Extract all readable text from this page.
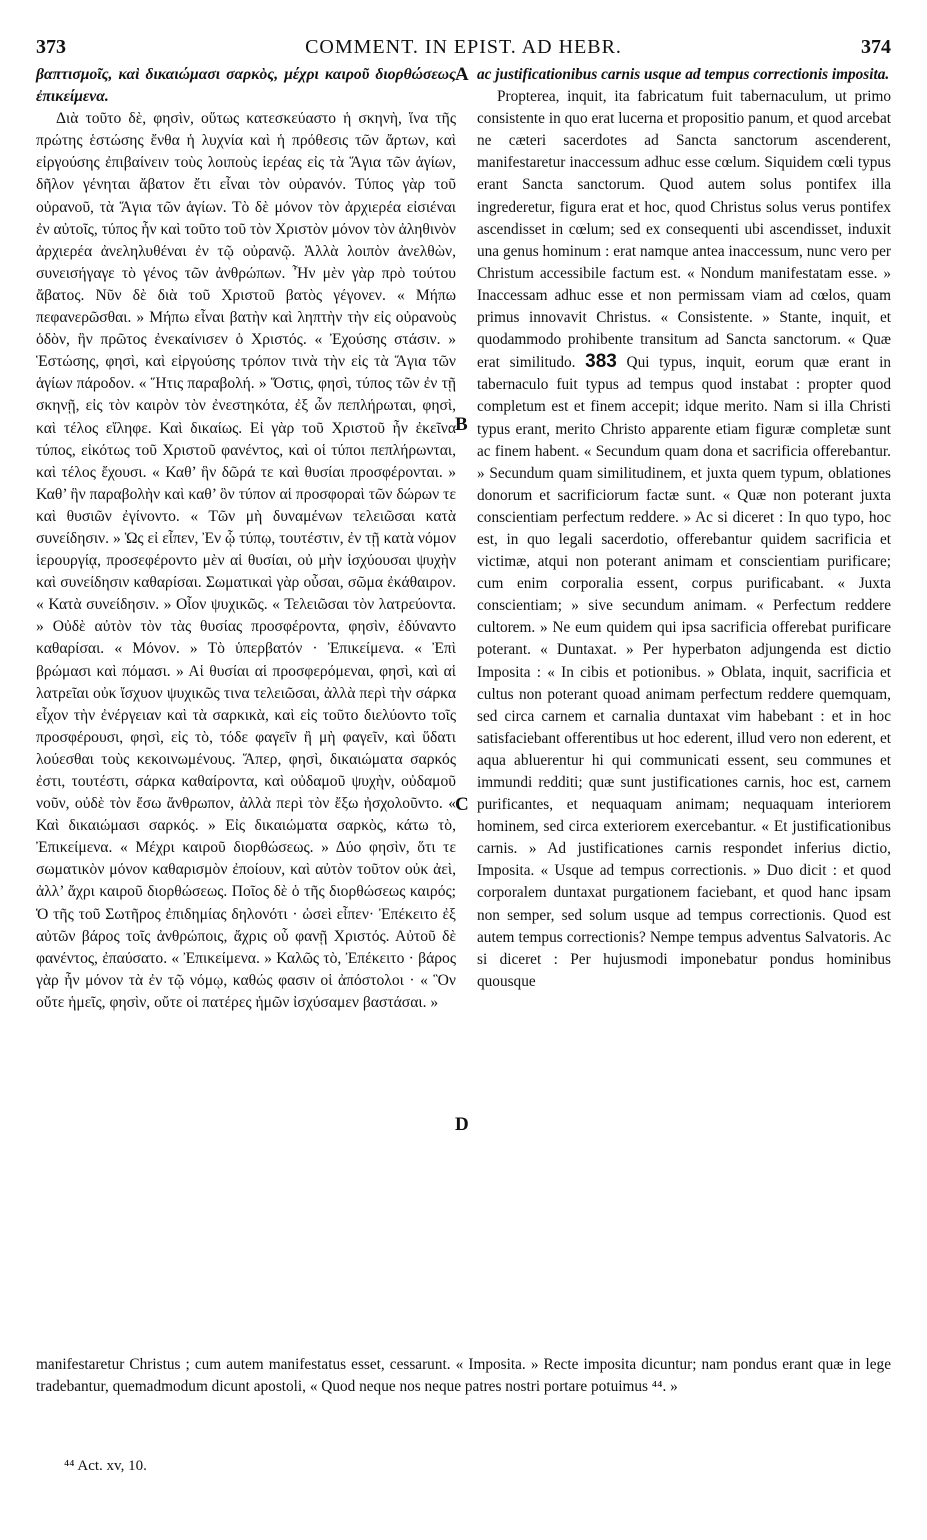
373	COMMENT. IN EPIST. AD HEBR.	374

βαπτισμοῖς, καὶ δικαιώμασι σαρκὸς, μέχρι καιροῦ διορθώσεως ἐπικείμενα.

Διὰ τοῦτο δὲ, φησὶν, οὕτως κατεσκεύαστο ἡ σκηνὴ, ἵνα τῆς πρώτης ἑστώσης ἔνθα ἡ λυχνία καὶ ἡ πρόθεσις τῶν ἄρτων, καὶ εἰργούσης ἐπιβαίνειν τοὺς λοιποὺς ἱερέας εἰς τὰ Ἅγια τῶν ἁγίων, δῆλον γένηται ἄβατον ἔτι εἶναι τὸν οὐρανόν. Τύπος γὰρ τοῦ οὐρανοῦ, τὰ Ἅγια τῶν ἁγίων. Τὸ δὲ μόνον τὸν ἀρχιερέα εἰσιέναι ἐν αὐτοῖς, τύπος ἦν καὶ τοῦτο τοῦ τὸν Χριστὸν μόνον τὸν ἀληθινὸν ἀρχιερέα ἀνεληλυθέναι ἐν τῷ οὐρανῷ. Ἀλλὰ λοιπὸν ἀνελθὼν, συνεισήγαγε τὸ γένος τῶν ἀνθρώπων. Ἦν μὲν γὰρ πρὸ τούτου ἄβατος. Νῦν δὲ διὰ τοῦ Χριστοῦ βατὸς γέγονεν. « Μήπω πεφανερῶσθαι. » Μήπω εἶναι βατὴν καὶ ληπτὴν τὴν εἰς οὐρανοὺς ὁδὸν, ἣν πρῶτος ἐνεκαίνισεν ὁ Χριστός. « Ἐχούσης στάσιν. » Ἑστώσης, φησὶ, καὶ εἰργούσης τρόπον τινὰ τὴν εἰς τὰ Ἅγια τῶν ἁγίων πάροδον. « Ἥτις παραβολή. » Ὅστις, φησὶ, τύπος τῶν ἐν τῇ σκηνῇ, εἰς τὸν καιρὸν τὸν ἐνεστηκότα, ἐξ ὧν πεπλήρωται, φησὶ, καὶ τέλος εἴληφε. Καὶ δικαίως. Εἰ γὰρ τοῦ Χριστοῦ ἦν ἐκεῖνα τύπος, εἰκότως τοῦ Χριστοῦ φανέντος, καὶ οἱ τύποι πεπλήρωνται, καὶ τέλος ἔχουσι. « Καθ’ ἣν δῶρά τε καὶ θυσίαι προσφέρονται. » Καθ’ ἣν παραβολὴν καὶ καθ’ ὃν τύπον αἱ προσφοραὶ τῶν δώρων τε καὶ θυσιῶν ἐγίνοντο. « Τῶν μὴ δυναμένων τελειῶσαι κατὰ συνείδησιν. » Ὡς εἰ εἶπεν, Ἐν ᾧ τύπῳ, τουτέστιν, ἐν τῇ κατὰ νόμον ἱερουργίᾳ, προσεφέροντο μὲν αἱ θυσίαι, οὐ μὴν ἰσχύουσαι ψυχὴν καὶ συνείδησιν καθαρίσαι. Σωματικαὶ γὰρ οὖσαι, σῶμα ἐκάθαιρον. « Κατὰ συνείδησιν. » Οἷον ψυχικῶς. « Τελειῶσαι τὸν λατρεύοντα. » Οὐδὲ αὐτὸν τὸν τὰς θυσίας προσφέροντα, φησὶν, ἐδύναντο καθαρίσαι. « Μόνον. » Τὸ ὑπερβατόν · Ἐπικείμενα. « Ἐπὶ βρώμασι καὶ πόμασι. » Αἱ θυσίαι αἱ προσφερόμεναι, φησὶ, καὶ αἱ λατρεῖαι οὐκ ἴσχυον ψυχικῶς τινα τελειῶσαι, ἀλλὰ περὶ τὴν σάρκα εἶχον τὴν ἐνέργειαν καὶ τὰ σαρκικὰ, καὶ εἰς τοῦτο διελύοντο τοῖς προσφέρουσι, φησὶ, εἰς τὸ, τόδε φαγεῖν ἢ μὴ φαγεῖν, καὶ ὕδατι λούεσθαι τοὺς κεκοινωμένους. Ἅπερ, φησὶ, δικαιώματα σαρκός ἐστι, τουτέστι, σάρκα καθαίροντα, καὶ οὐδαμοῦ ψυχὴν, οὐδαμοῦ νοῦν, οὐδὲ τὸν ἔσω ἄνθρωπον, ἀλλὰ περὶ τὸν ἔξω ἠσχολοῦντο. « Καὶ δικαιώμασι σαρκός. » Εἰς δικαιώματα σαρκὸς, κάτω τὸ, Ἐπικείμενα. « Μέχρι καιροῦ διορθώσεως. » Δύο φησὶν, ὅτι τε σωματικὸν μόνον καθαρισμὸν ἐποίουν, καὶ αὐτὸν τοῦτον οὐκ ἀεὶ, ἀλλ’ ἄχρι καιροῦ διορθώσεως. Ποῖος δὲ ὁ τῆς διορθώσεως καιρός; Ὁ τῆς τοῦ Σωτῆρος ἐπιδημίας δηλονότι · ὡσεὶ εἶπεν· Ἐπέκειτο ἐξ αὐτῶν βάρος τοῖς ἀνθρώποις, ἄχρις οὗ φανῇ Χριστός. Αὐτοῦ δὲ φανέντος, ἐπαύσατο. « Ἐπικείμενα. » Καλῶς τὸ, Ἐπέκειτο · βάρος γὰρ ἦν μόνον τὰ ἐν τῷ νόμῳ, καθώς φασιν οἱ ἀπόστολοι · « Ὃν οὔτε ἡμεῖς, φησὶν, οὔτε οἱ πατέρες ἡμῶν ἰσχύσαμεν βαστάσαι. »

ac justificationibus carnis usque ad tempus correctionis imposita.

Propterea, inquit, ita fabricatum fuit tabernaculum, ut primo consistente in quo erat lucerna et propositio panum, et quod arcebat ne cæteri sacerdotes ad Sancta sanctorum ascenderent, manifestaretur inaccessum adhuc esse cœlum. Siquidem cœli typus erant Sancta sanctorum. Quod autem solus pontifex illa ingrederetur, figura erat et hoc, quod Christus solus verus pontifex ascendisset in cœlum; sed ex consequenti ubi ascendisset, induxit una genus hominum : erat namque antea inaccessum, nunc vero per Christum accessibile factum est. « Nondum manifestatam esse. » Inaccessam adhuc esse et non permissam viam ad cœlos, quam primus innovavit Christus. « Consistente. » Stante, inquit, et quodammodo prohibente transitum ad Sancta sanctorum. « Quæ erat similitudo. 383 Qui typus, inquit, eorum quæ erant in tabernaculo fuit typus ad tempus quod instabat : propter quod completum est et finem accepit; idque merito. Nam si illa Christi typus erant, merito Christo apparente etiam figuræ completæ sunt ac finem habent. « Secundum quam dona et sacrificia offerebantur. » Secundum quam similitudinem, et juxta quem typum, oblationes donorum et sacrificiorum factæ sunt. « Quæ non poterant juxta conscientiam perfectum reddere. » Ac si diceret : In quo typo, hoc est, in quo legali sacerdotio, offerebantur quidem sacrificia et victimæ, atqui non poterant animam et conscientiam purificare; cum enim corporalia essent, corpus purificabant. « Juxta conscientiam; » sive secundum animam. « Perfectum reddere cultorem. » Ne eum quidem qui ipsa sacrificia offerebat purificare poterant. « Duntaxat. » Per hyperbaton adjungenda est dictio Imposita : « In cibis et potionibus. » Oblata, inquit, sacrificia et cultus non poterant quoad animam perfectum reddere quemquam, sed circa carnem et carnalia duntaxat vim habebant : et in hoc satisfaciebant offerentibus ut hoc ederent, illud vero non ederent, et aqua abluerentur hi qui communicati essent, seu communes et immundi redditi; quæ sunt justificationes carnis, hoc est, carnem purificantes, et nequaquam animam; nequaquam interiorem hominem, sed circa exteriorem exercebantur. « Et justificationibus carnis. » Ad justificationes carnis respondet inferius dictio, Imposita. « Usque ad tempus correctionis. » Duo dicit : et quod corporalem duntaxat purgationem faciebant, et quod hanc ipsam non semper, sed solum usque ad tempus correctionis. Quod est autem tempus correctionis? Nempe tempus adventus Salvatoris. Ac si diceret : Per hujusmodi imponebatur pondus hominibus quousque

A
B
C
D

manifestaretur Christus ; cum autem manifestatus esset, cessarunt. « Imposita. » Recte imposita dicuntur; nam pondus erant quæ in lege tradebantur, quemadmodum dicunt apostoli, « Quod neque nos neque patres nostri portare potuimus ⁴⁴. »

⁴⁴ Act. xv, 10.
